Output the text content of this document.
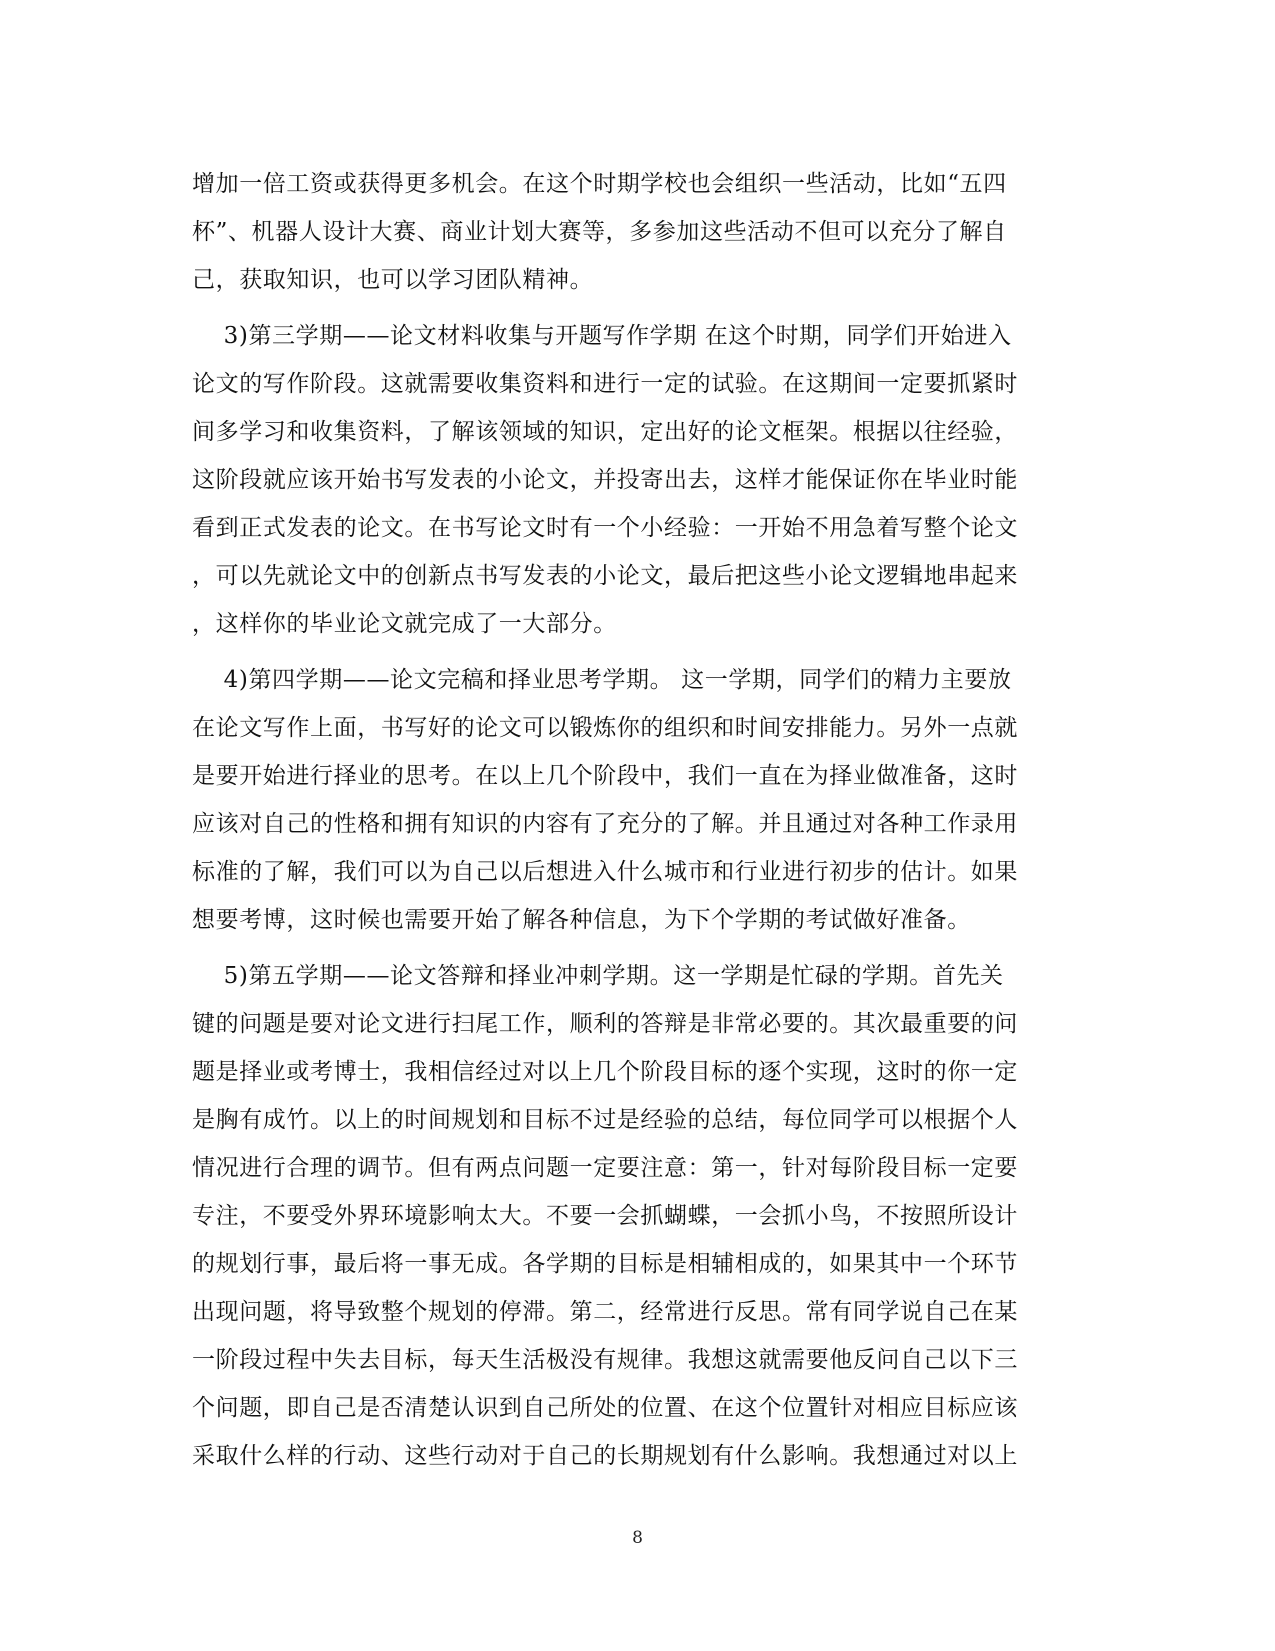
增加一倍工资或获得更多机会。在这个时期学校也会组织一些活动，比如“五四
杯”、机器人设计大赛、商业计划大赛等，多参加这些活动不但可以充分了解自
己，获取知识，也可以学习团队精神。
3)第三学期——论文材料收集与开题写作学期 在这个时期，同学们开始进入
论文的写作阶段。这就需要收集资料和进行一定的试验。在这期间一定要抓紧时
间多学习和收集资料，了解该领域的知识，定出好的论文框架。根据以往经验，
这阶段就应该开始书写发表的小论文，并投寄出去，这样才能保证你在毕业时能
看到正式发表的论文。在书写论文时有一个小经验：一开始不用急着写整个论文
，可以先就论文中的创新点书写发表的小论文，最后把这些小论文逻辑地串起来
，这样你的毕业论文就完成了一大部分。
4)第四学期——论文完稿和择业思考学期。 这一学期，同学们的精力主要放
在论文写作上面，书写好的论文可以锻炼你的组织和时间安排能力。另外一点就
是要开始进行择业的思考。在以上几个阶段中，我们一直在为择业做准备，这时
应该对自己的性格和拥有知识的内容有了充分的了解。并且通过对各种工作录用
标准的了解，我们可以为自己以后想进入什么城市和行业进行初步的估计。如果
想要考博，这时候也需要开始了解各种信息，为下个学期的考试做好准备。
5)第五学期——论文答辩和择业冲刺学期。这一学期是忙碌的学期。首先关
键的问题是要对论文进行扫尾工作，顺利的答辩是非常必要的。其次最重要的问
题是择业或考博士，我相信经过对以上几个阶段目标的逐个实现，这时的你一定
是胸有成竹。以上的时间规划和目标不过是经验的总结，每位同学可以根据个人
情况进行合理的调节。但有两点问题一定要注意：第一，针对每阶段目标一定要
专注，不要受外界环境影响太大。不要一会抓蝴蝶，一会抓小鸟，不按照所设计
的规划行事，最后将一事无成。各学期的目标是相辅相成的，如果其中一个环节
出现问题，将导致整个规划的停滞。第二，经常进行反思。常有同学说自己在某
一阶段过程中失去目标，每天生活极没有规律。我想这就需要他反问自己以下三
个问题，即自己是否清楚认识到自己所处的位置、在这个位置针对相应目标应该
采取什么样的行动、这些行动对于自己的长期规划有什么影响。我想通过对以上
8
